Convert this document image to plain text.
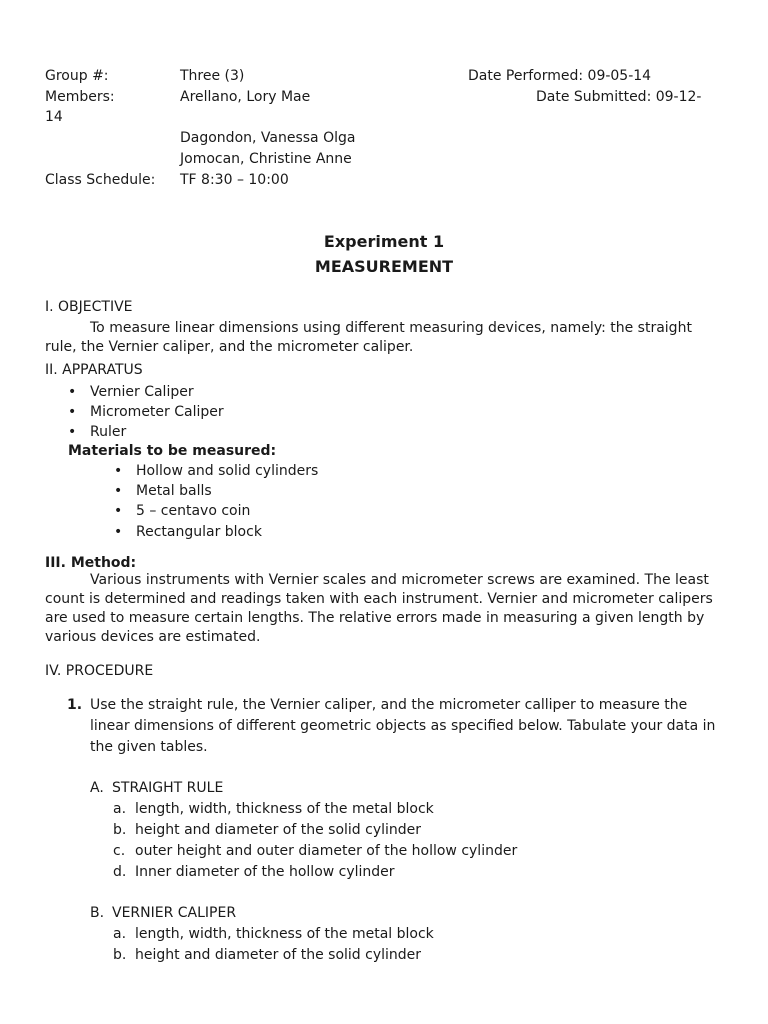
Group #:	Three (3)	Date Performed: 09-05-14
Members:	Arellano, Lory Mae	Date Submitted: 09-12-
14
Dagondon, Vanessa Olga
Jomocan, Christine Anne
Class Schedule: TF 8:30 – 10:00
Experiment 1
MEASUREMENT
I. OBJECTIVE
To measure linear dimensions using different measuring devices, namely: the straight rule, the Vernier caliper, and the micrometer caliper.
II. APPARATUS
• Vernier Caliper
• Micrometer Caliper
• Ruler
Materials to be measured:
• Hollow and solid cylinders
• Metal balls
• 5 – centavo coin
• Rectangular block
III. Method:
Various instruments with Vernier scales and micrometer screws are examined. The least count is determined and readings taken with each instrument. Vernier and micrometer calipers are used to measure certain lengths. The relative errors made in measuring a given length by various devices are estimated.
IV. PROCEDURE
1. Use the straight rule, the Vernier caliper, and the micrometer calliper to measure the linear dimensions of different geometric objects as specified below. Tabulate your data in the given tables.
A. STRAIGHT RULE
a. length, width, thickness of the metal block
b. height and diameter of the solid cylinder
c. outer height and outer diameter of the hollow cylinder
d. Inner diameter of the hollow cylinder
B. VERNIER CALIPER
a. length, width, thickness of the metal block
b. height and diameter of the solid cylinder
